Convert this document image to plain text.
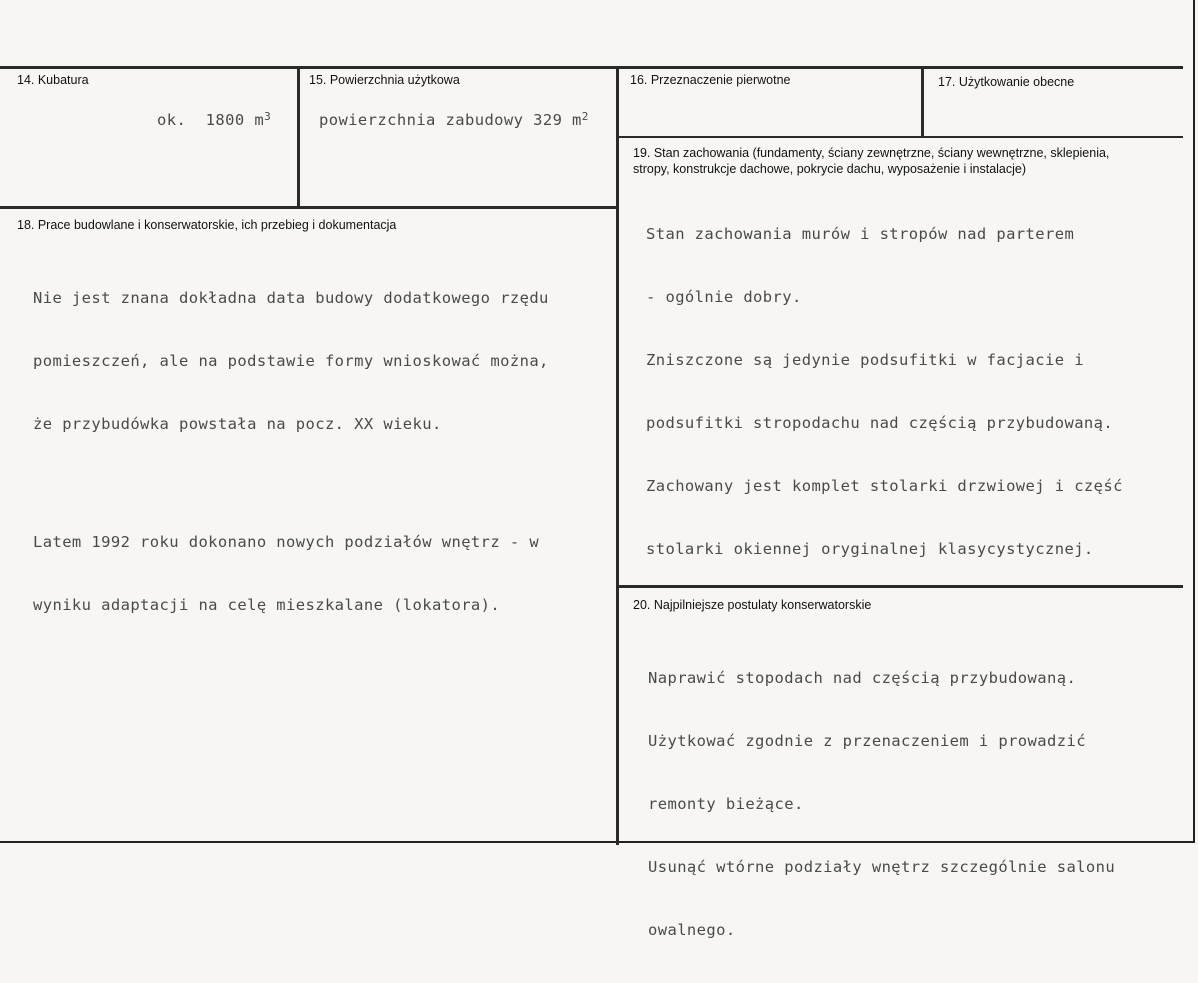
14. Kubatura
ok.  1800 $m^3$
15. Powierzchnia użytkowa
powierzchnia zabudowy 329 $m^2$
16. Przeznaczenie pierwotne

	17. Użytkowanie obecne

18. Prace budowlane i konserwatorskie, ich przebieg i dokumentacja

Nie jest znana dokładna data budowy dodatkowego rzędu

pomieszczeń, ale na podstawie formy wnioskować można,

że przybudówka powstała na pocz. XX wieku.

Latem 1992 roku dokonano nowych podziałów wnętrz - w

wyniku adaptacji na celę mieszkalane (lokatora).

19. Stan zachowania (fundamenty, ściany zewnętrzne, ściany wewnętrzne, sklepienia,
stropy, konstrukcje dachowe, pokrycie dachu, wyposażenie i instalacje)

Stan zachowania murów i stropów nad parterem

- ogólnie dobry.

Zniszczone są jedynie podsufitki w facjacie i

podsufitki stropodachu nad częścią przybudowaną.

Zachowany jest komplet stolarki drzwiowej i część

stolarki okiennej oryginalnej klasycystycznej.

20. Najpilniejsze postulaty konserwatorskie

Naprawić stopodach nad częścią przybudowaną.

Użytkować zgodnie z przenaczeniem i prowadzić

remonty bieżące.

Usunąć wtórne podziały wnętrz szczególnie salonu

owalnego.
